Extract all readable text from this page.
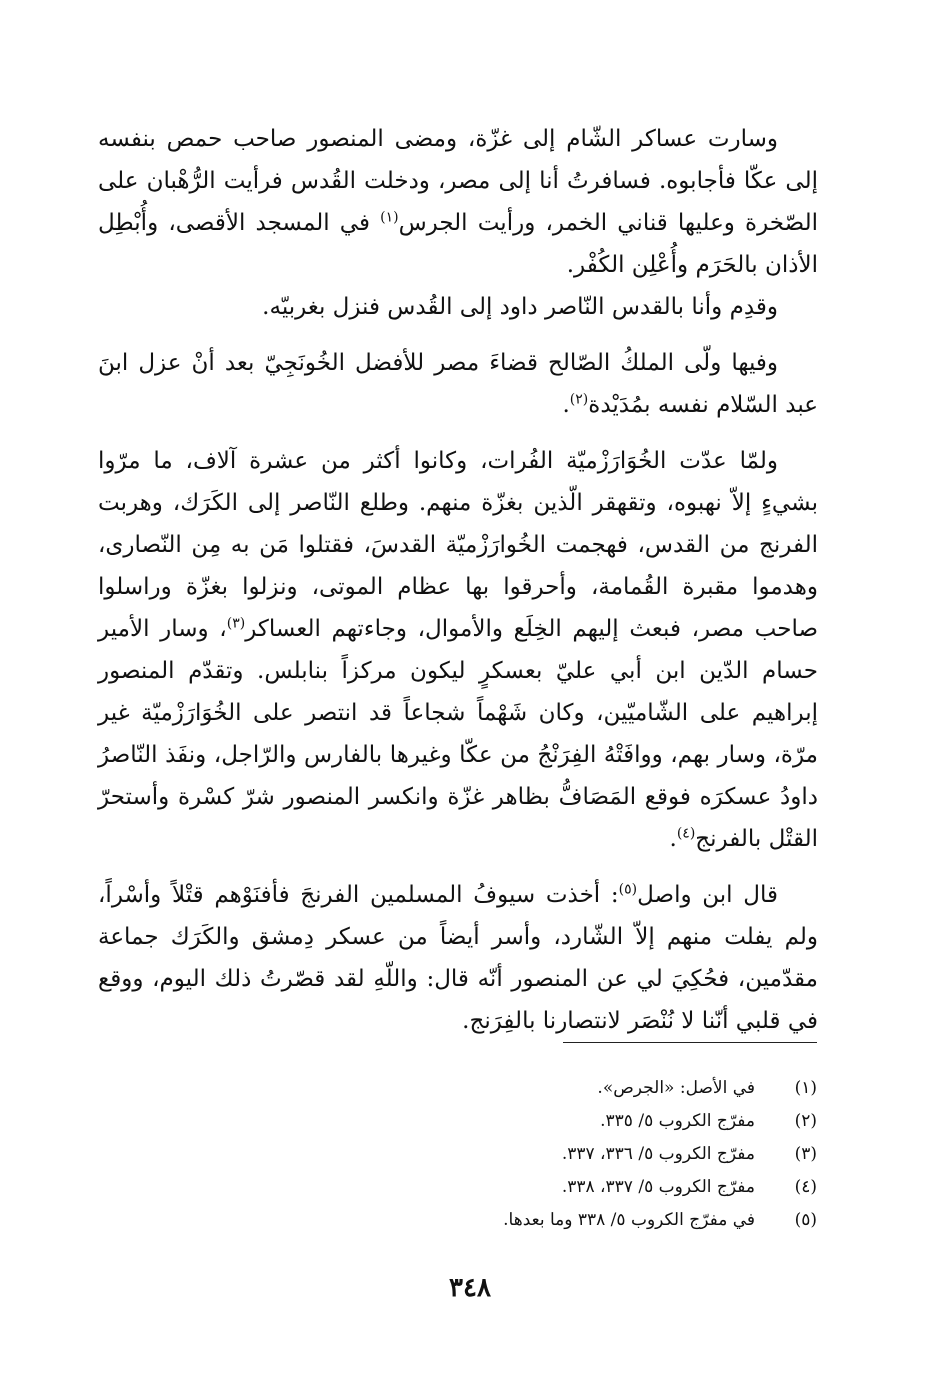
وسارت عساكر الشّام إلى غزّة، ومضى المنصور صاحب حمص بنفسه إلى عكّا فأجابوه. فسافرتُ أنا إلى مصر، ودخلت القُدس فرأيت الرُّهْبان على الصّخرة وعليها قناني الخمر، ورأيت الجرس$^{(١)}$ في المسجد الأقصى، وأُبْطِل الأذان بالحَرَم وأُعْلِن الكُفْر.

وقدِم وأنا بالقدس النّاصر داود إلى القُدس فنزل بغربيّه.

وفيها ولّى الملكُ الصّالح قضاءَ مصر للأفضل الخُونَجِيّ بعد أنْ عزل ابنَ عبد السّلام نفسه بمُدَيْدة$^{(٢)}$.

ولمّا عدّت الخُوَارَزْميّة الفُرات، وكانوا أكثر من عشرة آلاف، ما مرّوا بشيءٍ إلاّ نهبوه، وتقهقر الّذين بغزّة منهم. وطلع النّاصر إلى الكَرَك، وهربت الفرنج من القدس، فهجمت الخُوارَزْميّة القدسَ، فقتلوا مَن به مِن النّصارى، وهدموا مقبرة القُمامة، وأحرقوا بها عظام الموتى، ونزلوا بغزّة وراسلوا صاحب مصر، فبعث إليهم الخِلَع والأموال، وجاءتهم العساكر$^{(٣)}$، وسار الأمير حسام الدّين ابن أبي عليّ بعسكرٍ ليكون مركزاً بنابلس. وتقدّم المنصور إبراهيم على الشّاميّين، وكان شَهْماً شجاعاً قد انتصر على الخُوَارَزْميّة غير مرّة، وسار بهم، ووافَتْهُ الفِرَنْجُ من عكّا وغيرها بالفارس والرّاجل، ونفَذ النّاصرُ داودُ عسكرَه فوقع المَصَافُّ بظاهر غزّة وانكسر المنصور شرّ كسْرة وأستحرّ القتْل بالفرنج$^{(٤)}$.

قال ابن واصل$^{(٥)}$: أخذت سيوفُ المسلمين الفرنجَ فأفنَوْهم قتْلاً وأسْراً، ولم يفلت منهم إلاّ الشّارد، وأسر أيضاً من عسكر دِمشق والكَرَك جماعة مقدّمين، فحُكِيَ لي عن المنصور أنّه قال: واللّهِ لقد قصّرتُ ذلك اليوم، ووقع في قلبي أنّنا لا نُنْصَر لانتصارنا بالفِرَنج.

(١)
في الأصل: «الجرص».
(٢)
مفرّج الكروب ٥/ ٣٣٥.
(٣)
مفرّج الكروب ٥/ ٣٣٦، ٣٣٧.
(٤)
مفرّج الكروب ٥/ ٣٣٧، ٣٣٨.
(٥)
في مفرّج الكروب ٥/ ٣٣٨ وما بعدها.
٣٤٨
